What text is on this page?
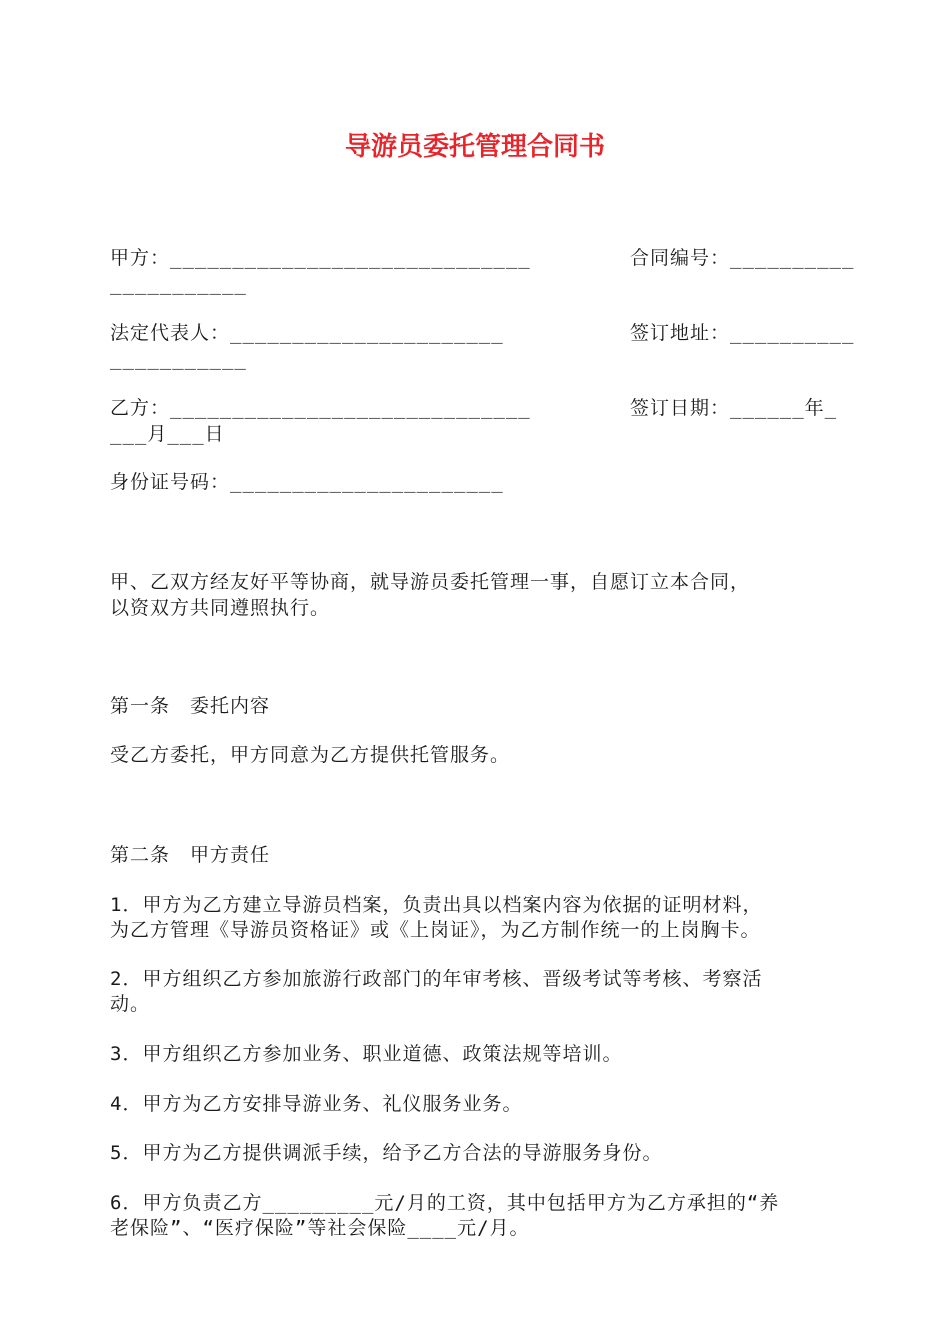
导游员委托管理合同书
甲方：_____________________________	合同编号：__________
___________
法定代表人：______________________	签订地址：__________
___________
乙方：_____________________________	签订日期：______年_
___月___日
身份证号码：______________________
甲、乙双方经友好平等协商，就导游员委托管理一事，自愿订立本合同，
以资双方共同遵照执行。
第一条　委托内容
受乙方委托，甲方同意为乙方提供托管服务。
第二条　甲方责任
1．甲方为乙方建立导游员档案，负责出具以档案内容为依据的证明材料，
为乙方管理《导游员资格证》或《上岗证》，为乙方制作统一的上岗胸卡。
2．甲方组织乙方参加旅游行政部门的年审考核、晋级考试等考核、考察活
动。
3．甲方组织乙方参加业务、职业道德、政策法规等培训。
4．甲方为乙方安排导游业务、礼仪服务业务。
5．甲方为乙方提供调派手续，给予乙方合法的导游服务身份。
6．甲方负责乙方_________元/月的工资，其中包括甲方为乙方承担的“养
老保险”、“医疗保险”等社会保险____元/月。
